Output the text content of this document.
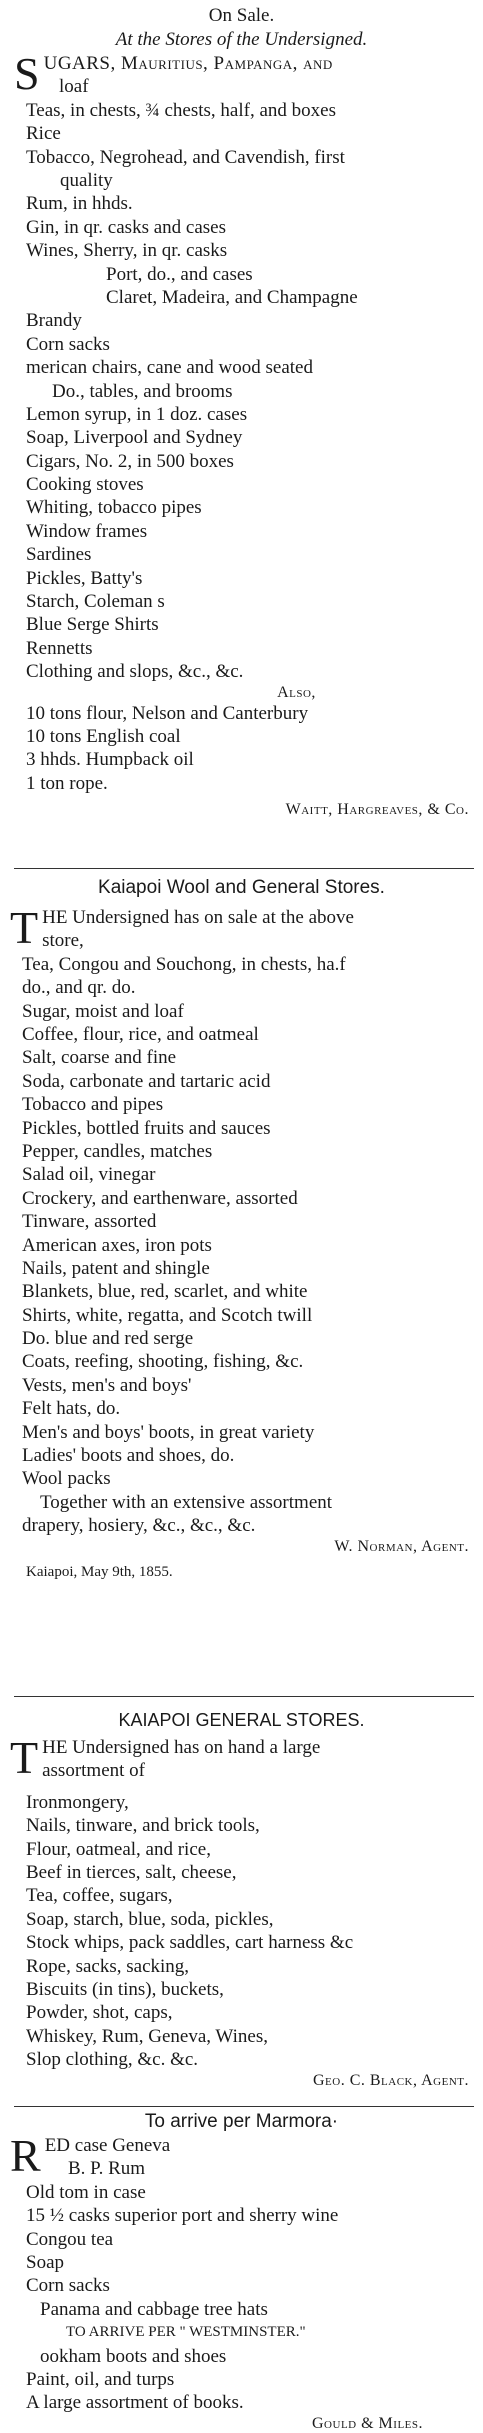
On Sale.
At the Stores of the Undersigned.
S UGARS, Mauritius, Pampanga, and
loaf
Teas, in chests, ¾ chests, half, and boxes
Rice
Tobacco, Negrohead, and Cavendish, first
quality
Rum, in hhds.
Gin, in qr. casks and cases
Wines, Sherry, in qr. casks
Port, do., and cases
Claret, Madeira, and Champagne
Brandy
Corn sacks
merican chairs, cane and wood seated
Do., tables, and brooms
Lemon syrup, in 1 doz. cases
Soap, Liverpool and Sydney
Cigars, No. 2, in 500 boxes
Cooking stoves
Whiting, tobacco pipes
Window frames
Sardines
Pickles, Batty's
Starch, Coleman s
Blue Serge Shirts
Rennetts
Clothing and slops, &c., &c.
Also,
10 tons flour, Nelson and Canterbury
10 tons English coal
3 hhds. Humpback oil
1 ton rope.
Waitt, Hargreaves, & Co.
Kaiapoi Wool and General Stores.
T HE Undersigned has on sale at the above
store,
Tea, Congou and Souchong, in chests, ha.f
do., and qr. do.
Sugar, moist and loaf
Coffee, flour, rice, and oatmeal
Salt, coarse and fine
Soda, carbonate and tartaric acid
Tobacco and pipes
Pickles, bottled fruits and sauces
Pepper, candles, matches
Salad oil, vinegar
Crockery, and earthenware, assorted
Tinware, assorted
American axes, iron pots
Nails, patent and shingle
Blankets, blue, red, scarlet, and white
Shirts, white, regatta, and Scotch twill
Do. blue and red serge
Coats, reefing, shooting, fishing, &c.
Vests, men's and boys'
Felt hats, do.
Men's and boys' boots, in great variety
Ladies' boots and shoes, do.
Wool packs
Together with an extensive assortment
drapery, hosiery, &c., &c., &c.
W. Norman, Agent.
Kaiapoi, May 9th, 1855.
KAIAPOI GENERAL STORES.
T HE Undersigned has on hand a large
assortment of
Ironmongery,
Nails, tinware, and brick tools,
Flour, oatmeal, and rice,
Beef in tierces, salt, cheese,
Tea, coffee, sugars,
Soap, starch, blue, soda, pickles,
Stock whips, pack saddles, cart harness &c
Rope, sacks, sacking,
Biscuits (in tins), buckets,
Powder, shot, caps,
Whiskey, Rum, Geneva, Wines,
Slop clothing, &c. &c.
Geo. C. Black, Agent.
To arrive per Marmora·
R ED case Geneva
B. P. Rum
Old tom in case
15 ½ casks superior port and sherry wine
Congou tea
Soap
Corn sacks
Panama and cabbage tree hats
TO ARRIVE PER " WESTMINSTER."
ookham boots and shoes
Paint, oil, and turps
A large assortment of books.
Gould & Miles.
